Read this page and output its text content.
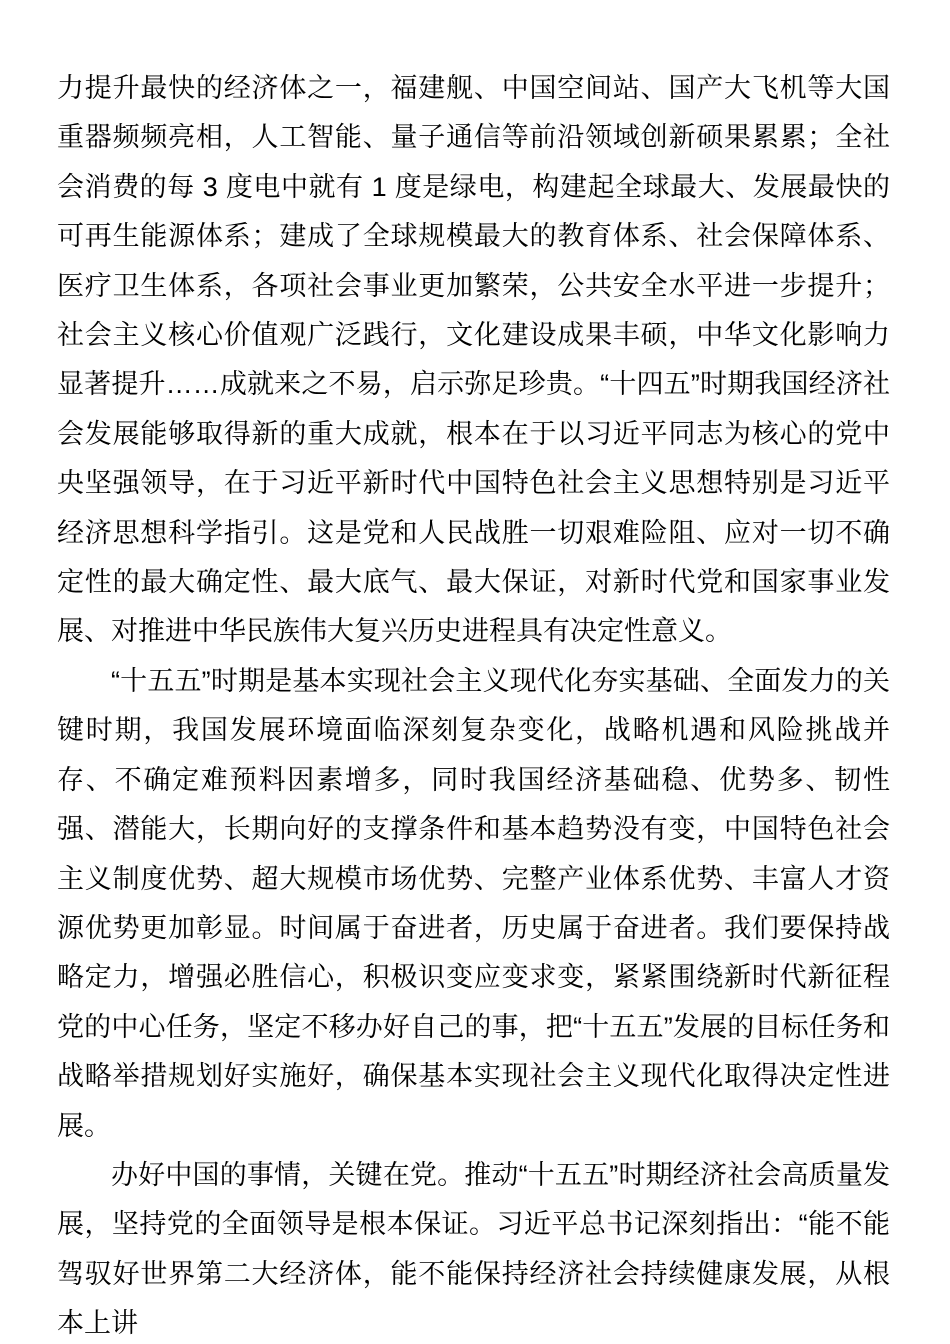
力提升最快的经济体之一，福建舰、中国空间站、国产大飞机等大国重器频频亮相，人工智能、量子通信等前沿领域创新硕果累累；全社会消费的每 3 度电中就有 1 度是绿电，构建起全球最大、发展最快的可再生能源体系；建成了全球规模最大的教育体系、社会保障体系、医疗卫生体系，各项社会事业更加繁荣，公共安全水平进一步提升；社会主义核心价值观广泛践行，文化建设成果丰硕，中华文化影响力显著提升……成就来之不易，启示弥足珍贵。“十四五”时期我国经济社会发展能够取得新的重大成就，根本在于以习近平同志为核心的党中央坚强领导，在于习近平新时代中国特色社会主义思想特别是习近平经济思想科学指引。这是党和人民战胜一切艰难险阻、应对一切不确定性的最大确定性、最大底气、最大保证，对新时代党和国家事业发展、对推进中华民族伟大复兴历史进程具有决定性意义。

“十五五”时期是基本实现社会主义现代化夯实基础、全面发力的关键时期，我国发展环境面临深刻复杂变化，战略机遇和风险挑战并存、不确定难预料因素增多，同时我国经济基础稳、优势多、韧性强、潜能大，长期向好的支撑条件和基本趋势没有变，中国特色社会主义制度优势、超大规模市场优势、完整产业体系优势、丰富人才资源优势更加彰显。时间属于奋进者，历史属于奋进者。我们要保持战略定力，增强必胜信心，积极识变应变求变，紧紧围绕新时代新征程党的中心任务，坚定不移办好自己的事，把“十五五”发展的目标任务和战略举措规划好实施好，确保基本实现社会主义现代化取得决定性进展。

办好中国的事情，关键在党。推动“十五五”时期经济社会高质量发展，坚持党的全面领导是根本保证。习近平总书记深刻指出：“能不能驾驭好世界第二大经济体，能不能保持经济社会持续健康发展，从根本上讲
